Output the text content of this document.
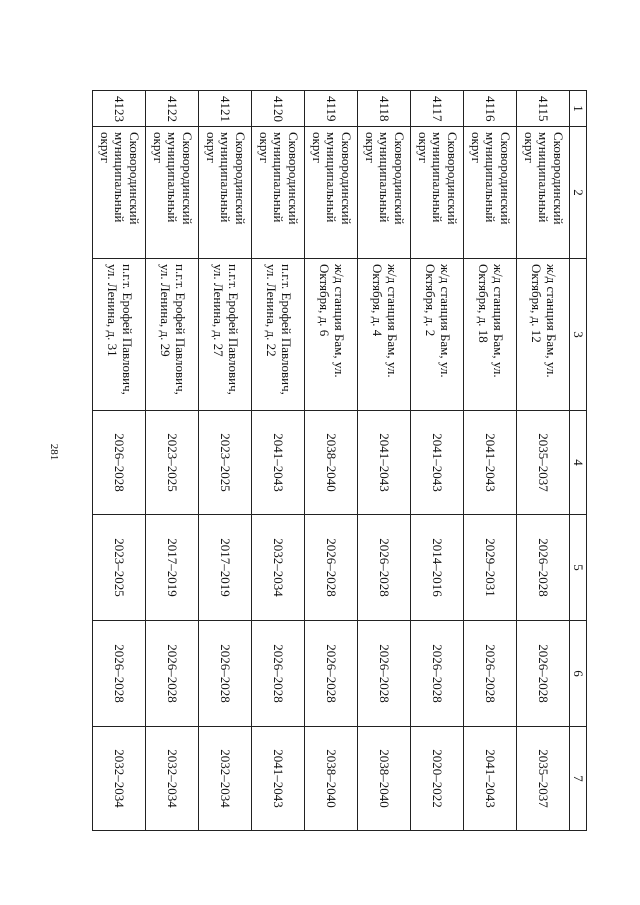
281
1	2	3	4	5	6	7
4115	Сковородинский муниципальный округ	ж/д станция Бам, ул. Октября, д. 12	2035–2037	2026–2028	2026–2028	2035–2037
4116	Сковородинский муниципальный округ	ж/д станция Бам, ул. Октября, д. 18	2041–2043	2029–2031	2026–2028	2041–2043
4117	Сковородинский муниципальный округ	ж/д станция Бам, ул. Октября, д. 2	2041–2043	2014–2016	2026–2028	2020–2022
4118	Сковородинский муниципальный округ	ж/д станция Бам, ул. Октября, д. 4	2041–2043	2026–2028	2026–2028	2038–2040
4119	Сковородинский муниципальный округ	ж/д станция Бам, ул. Октября, д. 6	2038–2040	2026–2028	2026–2028	2038–2040
4120	Сковородинский муниципальный округ	п.г.т. Ерофей Павлович, ул. Ленина, д. 22	2041–2043	2032–2034	2026–2028	2041–2043
4121	Сковородинский муниципальный округ	п.г.т. Ерофей Павлович, ул. Ленина, д. 27	2023–2025	2017–2019	2026–2028	2032–2034
4122	Сковородинский муниципальный округ	п.г.т. Ерофей Павлович, ул. Ленина, д. 29	2023–2025	2017–2019	2026–2028	2032–2034
4123	Сковородинский муниципальный округ	п.г.т. Ерофей Павлович, ул. Ленина, д. 31	2026–2028	2023–2025	2026–2028	2032–2034
